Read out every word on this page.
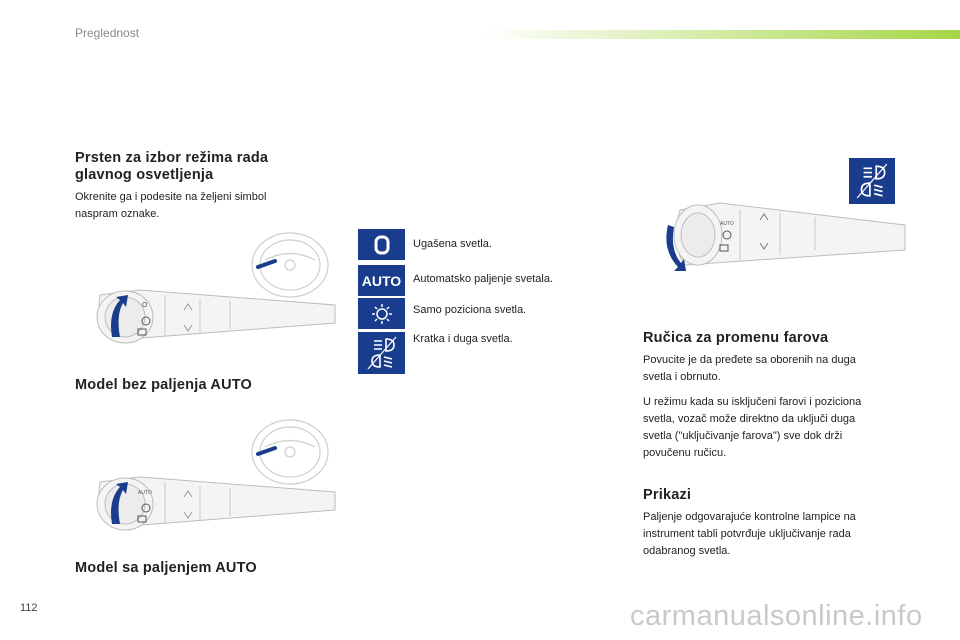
Preglednost
Prsten za izbor režima rada
glavnog osvetljenja
Okrenite ga i podesite na željeni simbol
naspram oznake.
O
Model bez paljenja AUTO
AUTO
Model sa paljenjem AUTO
Ugašena svetla.
AUTO Automatsko paljenje svetala.
Samo poziciona svetla.
Kratka i duga svetla.
AUTO
Ručica za promenu farova
Povucite je da pređete sa oborenih na duga
svetla i obrnuto.
U režimu kada su isključeni farovi i poziciona
svetla, vozač može direktno da uključi duga
svetla ("uključivanje farova") sve dok drži
povučenu ručicu.
Prikazi
Paljenje odgovarajuće kontrolne lampice na
instrument tabli potvrđuje uključivanje rada
odabranog svetla.
112	carmanualsonline.info
